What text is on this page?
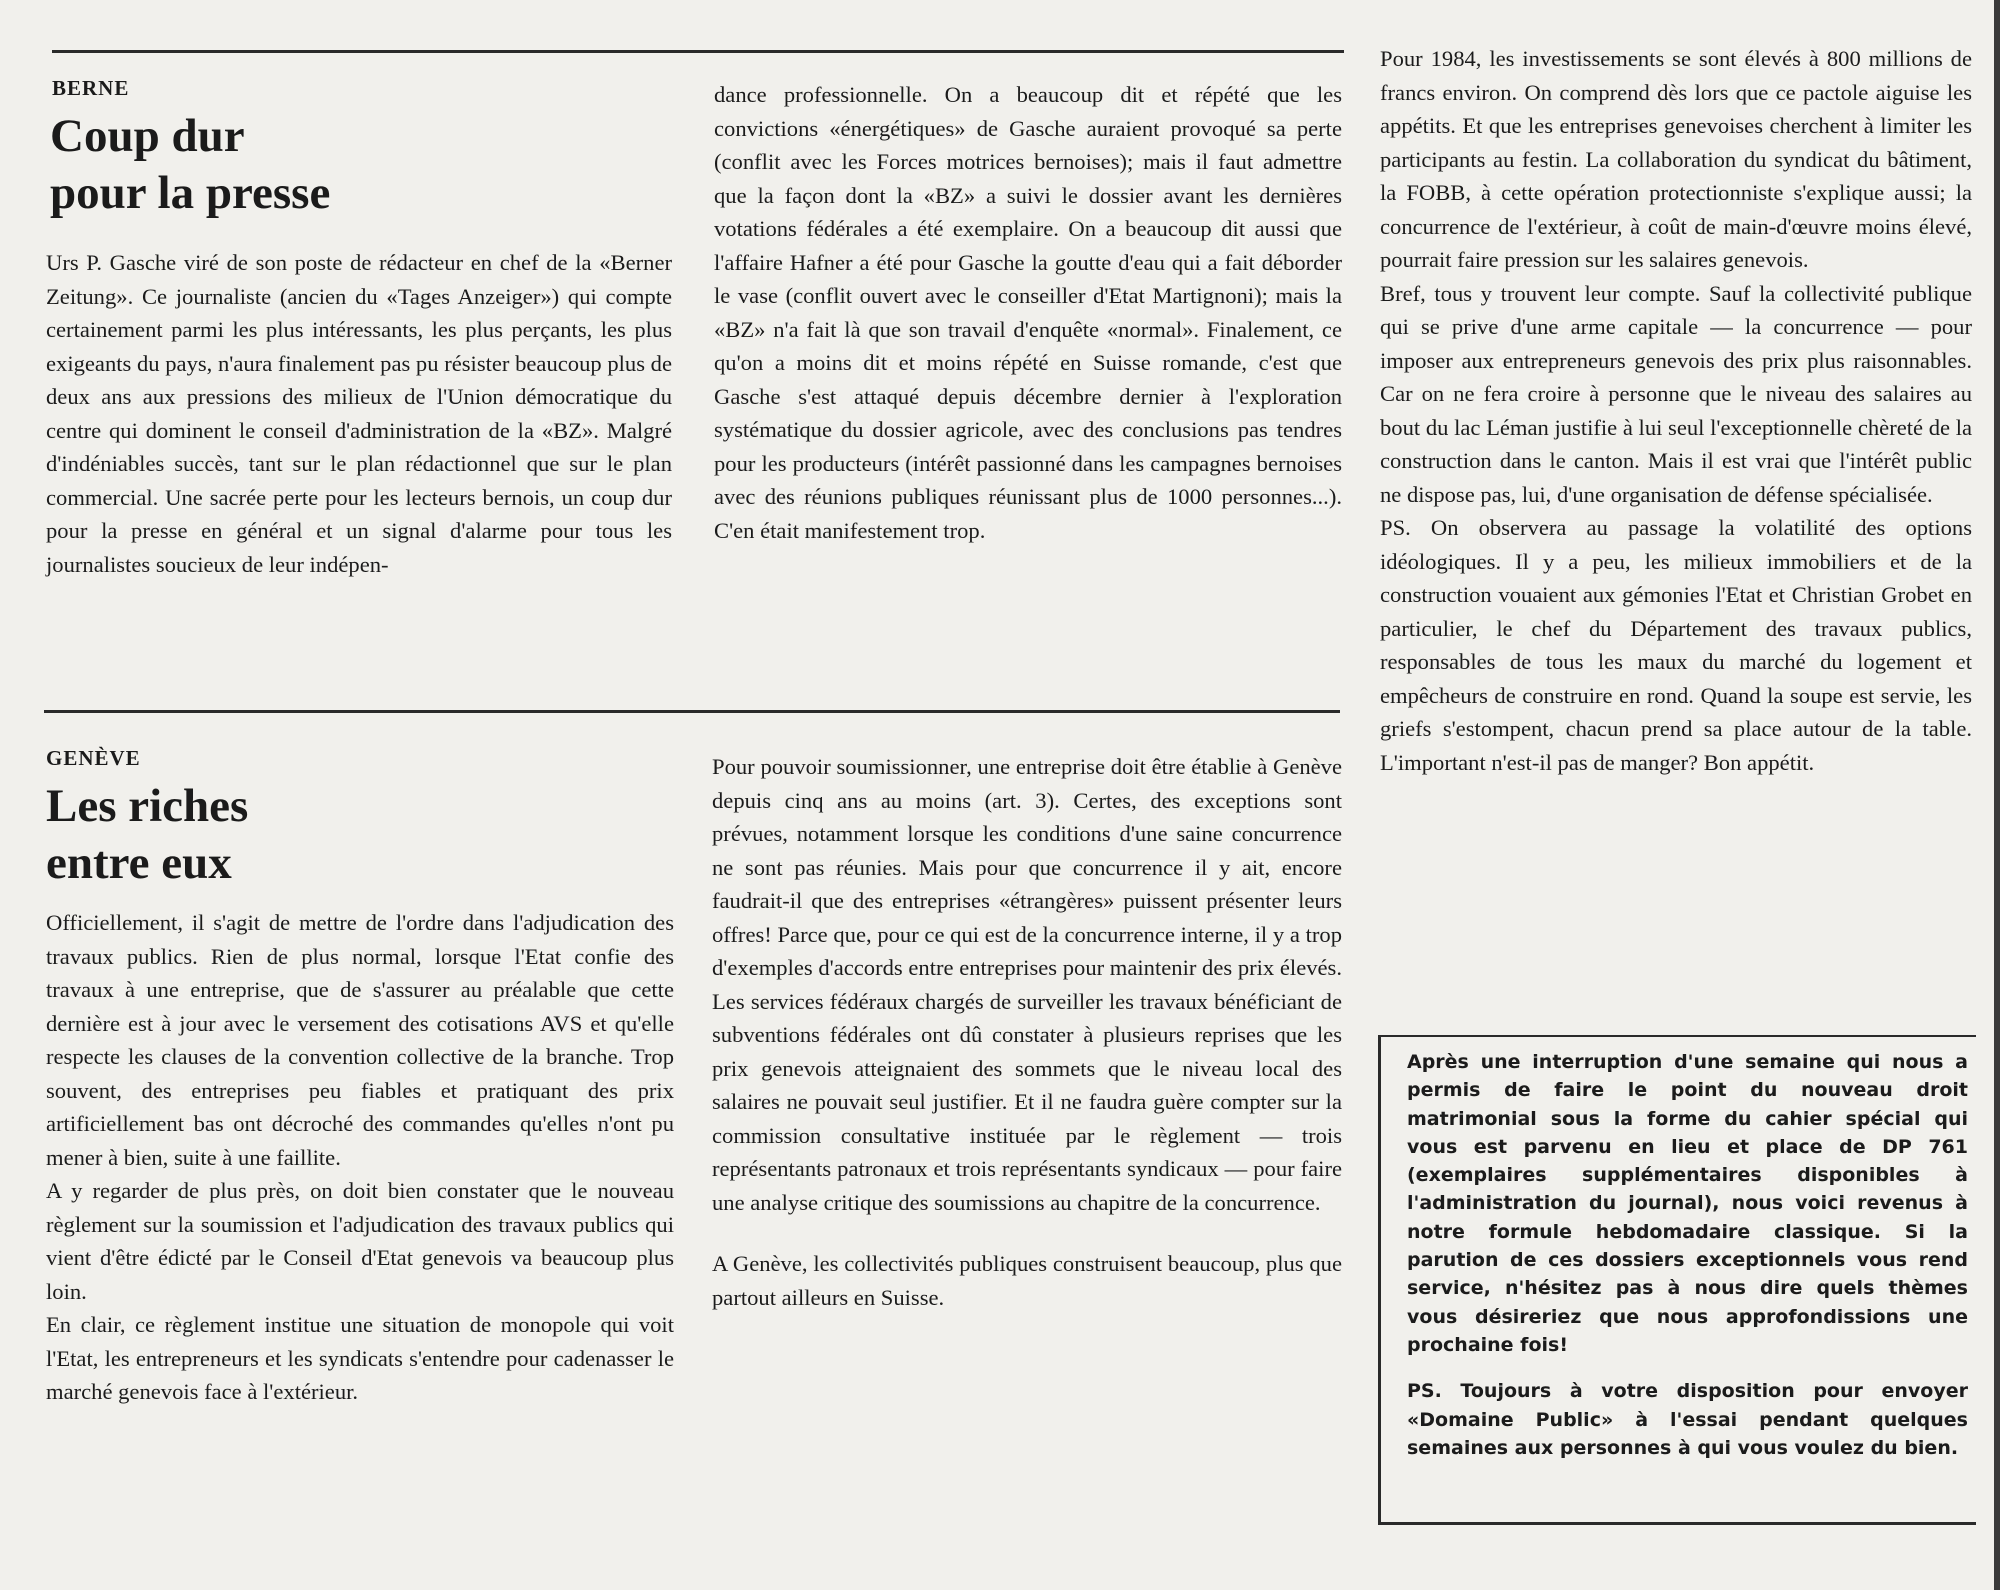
BERNE
Coup dur
pour la presse

Urs P. Gasche viré de son poste de rédacteur en chef de la «Berner Zeitung». Ce journaliste (ancien du «Tages Anzeiger») qui compte certainement parmi les plus intéressants, les plus perçants, les plus exigeants du pays, n'aura finalement pas pu résister beaucoup plus de deux ans aux pressions des milieux de l'Union démocratique du centre qui dominent le conseil d'administration de la «BZ». Malgré d'indéniables succès, tant sur le plan rédactionnel que sur le plan commercial. Une sacrée perte pour les lecteurs bernois, un coup dur pour la presse en général et un signal d'alarme pour tous les journalistes soucieux de leur indépen-

dance professionnelle. On a beaucoup dit et répété que les convictions «énergétiques» de Gasche auraient provoqué sa perte (conflit avec les Forces motrices bernoises); mais il faut admettre que la façon dont la «BZ» a suivi le dossier avant les dernières votations fédérales a été exemplaire. On a beaucoup dit aussi que l'affaire Hafner a été pour Gasche la goutte d'eau qui a fait déborder le vase (conflit ouvert avec le conseiller d'Etat Martignoni); mais la «BZ» n'a fait là que son travail d'enquête «normal». Finalement, ce qu'on a moins dit et moins répété en Suisse romande, c'est que Gasche s'est attaqué depuis décembre dernier à l'exploration systématique du dossier agricole, avec des conclusions pas tendres pour les producteurs (intérêt passionné dans les campagnes bernoises avec des réunions publiques réunissant plus de 1000 personnes...). C'en était manifestement trop.

GENÈVE
Les riches
entre eux

Officiellement, il s'agit de mettre de l'ordre dans l'adjudication des travaux publics. Rien de plus normal, lorsque l'Etat confie des travaux à une entreprise, que de s'assurer au préalable que cette dernière est à jour avec le versement des cotisations AVS et qu'elle respecte les clauses de la convention collective de la branche. Trop souvent, des entreprises peu fiables et pratiquant des prix artificiellement bas ont décroché des commandes qu'elles n'ont pu mener à bien, suite à une faillite.

A y regarder de plus près, on doit bien constater que le nouveau règlement sur la soumission et l'adjudication des travaux publics qui vient d'être édicté par le Conseil d'Etat genevois va beaucoup plus loin.

En clair, ce règlement institue une situation de monopole qui voit l'Etat, les entrepreneurs et les syndicats s'entendre pour cadenasser le marché genevois face à l'extérieur.

Pour pouvoir soumissionner, une entreprise doit être établie à Genève depuis cinq ans au moins (art. 3). Certes, des exceptions sont prévues, notamment lorsque les conditions d'une saine concurrence ne sont pas réunies. Mais pour que concurrence il y ait, encore faudrait-il que des entreprises «étrangères» puissent présenter leurs offres! Parce que, pour ce qui est de la concurrence interne, il y a trop d'exemples d'accords entre entreprises pour maintenir des prix élevés. Les services fédéraux chargés de surveiller les travaux bénéficiant de subventions fédérales ont dû constater à plusieurs reprises que les prix genevois atteignaient des sommets que le niveau local des salaires ne pouvait seul justifier. Et il ne faudra guère compter sur la commission consultative instituée par le règlement — trois représentants patronaux et trois représentants syndicaux — pour faire une analyse critique des soumissions au chapitre de la concurrence.

A Genève, les collectivités publiques construisent beaucoup, plus que partout ailleurs en Suisse.

Pour 1984, les investissements se sont élevés à 800 millions de francs environ. On comprend dès lors que ce pactole aiguise les appétits. Et que les entreprises genevoises cherchent à limiter les participants au festin. La collaboration du syndicat du bâtiment, la FOBB, à cette opération protectionniste s'explique aussi; la concurrence de l'extérieur, à coût de main-d'œuvre moins élevé, pourrait faire pression sur les salaires genevois.

Bref, tous y trouvent leur compte. Sauf la collectivité publique qui se prive d'une arme capitale — la concurrence — pour imposer aux entrepreneurs genevois des prix plus raisonnables. Car on ne fera croire à personne que le niveau des salaires au bout du lac Léman justifie à lui seul l'exceptionnelle chèreté de la construction dans le canton. Mais il est vrai que l'intérêt public ne dispose pas, lui, d'une organisation de défense spécialisée.

PS. On observera au passage la volatilité des options idéologiques. Il y a peu, les milieux immobiliers et de la construction vouaient aux gémonies l'Etat et Christian Grobet en particulier, le chef du Département des travaux publics, responsables de tous les maux du marché du logement et empêcheurs de construire en rond. Quand la soupe est servie, les griefs s'estompent, chacun prend sa place autour de la table. L'important n'est-il pas de manger? Bon appétit.

Après une interruption d'une semaine qui nous a permis de faire le point du nouveau droit matrimonial sous la forme du cahier spécial qui vous est parvenu en lieu et place de DP 761 (exemplaires supplémentaires disponibles à l'administration du journal), nous voici revenus à notre formule hebdomadaire classique. Si la parution de ces dossiers exceptionnels vous rend service, n'hésitez pas à nous dire quels thèmes vous désireriez que nous approfondissions une prochaine fois!

PS. Toujours à votre disposition pour envoyer «Domaine Public» à l'essai pendant quelques semaines aux personnes à qui vous voulez du bien.
